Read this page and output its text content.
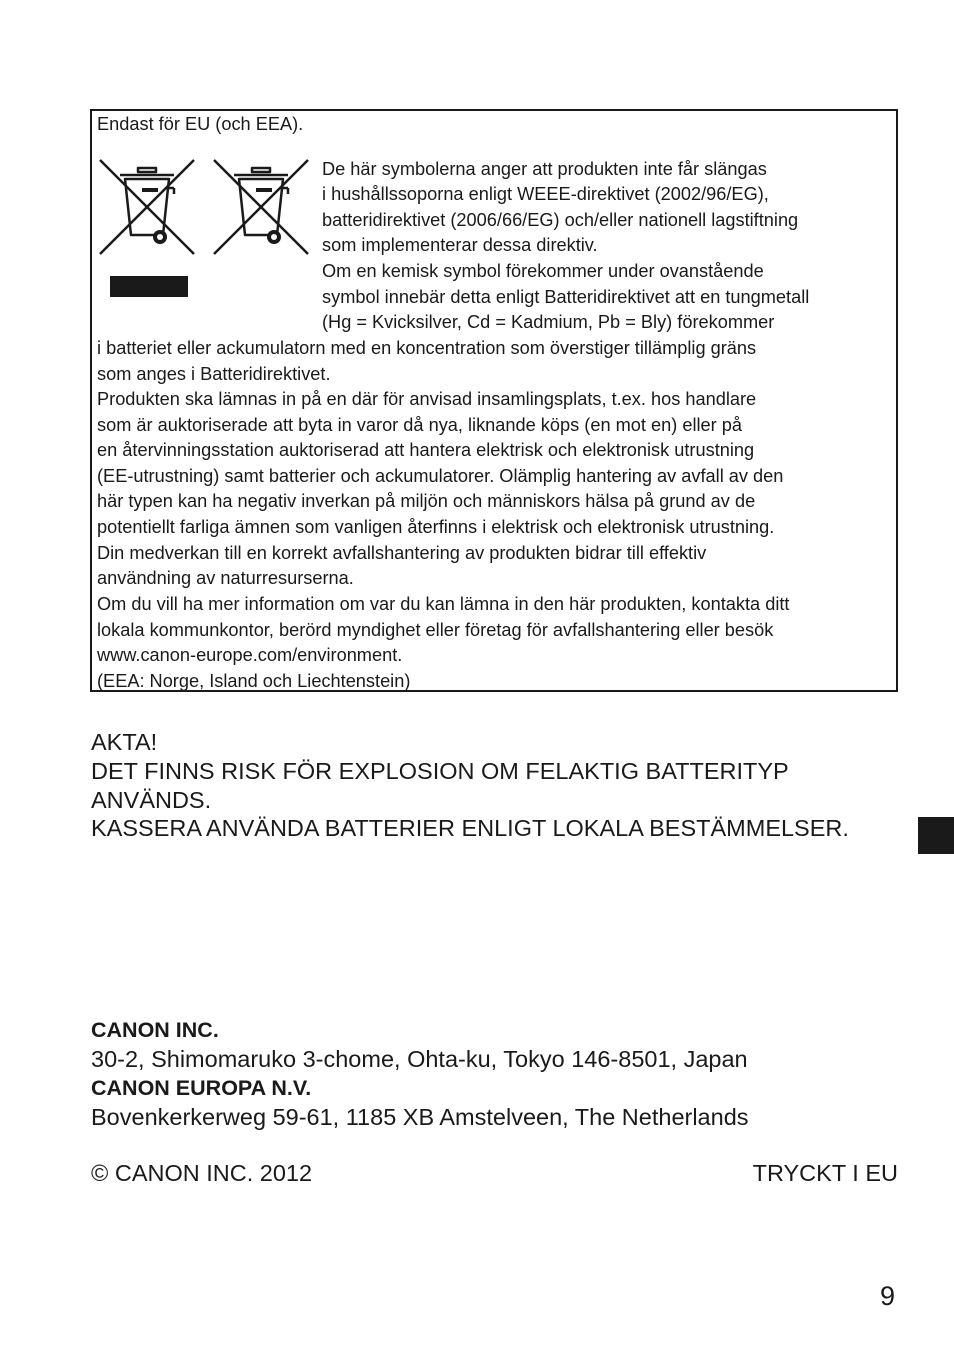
Endast för EU (och EEA).
De här symbolerna anger att produkten inte får slängas
i hushållssoporna enligt WEEE-direktivet (2002/96/EG),
batteridirektivet (2006/66/EG) och/eller nationell lagstiftning
som implementerar dessa direktiv.
Om en kemisk symbol förekommer under ovanstående
symbol innebär detta enligt Batteridirektivet att en tungmetall
(Hg = Kvicksilver, Cd = Kadmium, Pb = Bly) förekommer
i batteriet eller ackumulatorn med en koncentration som överstiger tillämplig gräns
som anges i Batteridirektivet.
Produkten ska lämnas in på en där för anvisad insamlingsplats, t.ex. hos handlare
som är auktoriserade att byta in varor då nya, liknande köps (en mot en) eller på
en återvinningsstation auktoriserad att hantera elektrisk och elektronisk utrustning
(EE-utrustning) samt batterier och ackumulatorer. Olämplig hantering av avfall av den
här typen kan ha negativ inverkan på miljön och människors hälsa på grund av de
potentiellt farliga ämnen som vanligen återfinns i elektrisk och elektronisk utrustning.
Din medverkan till en korrekt avfallshantering av produkten bidrar till effektiv
användning av naturresurserna.
Om du vill ha mer information om var du kan lämna in den här produkten, kontakta ditt
lokala kommunkontor, berörd myndighet eller företag för avfallshantering eller besök
www.canon-europe.com/environment.
(EEA: Norge, Island och Liechtenstein)
AKTA!
DET FINNS RISK FÖR EXPLOSION OM FELAKTIG BATTERITYP
ANVÄNDS.
KASSERA ANVÄNDA BATTERIER ENLIGT LOKALA BESTÄMMELSER.
CANON INC.
30-2, Shimomaruko 3-chome, Ohta-ku, Tokyo 146-8501, Japan
CANON EUROPA N.V.
Bovenkerkerweg 59-61, 1185 XB Amstelveen, The Netherlands
© CANON INC. 2012	TRYCKT I EU
9
